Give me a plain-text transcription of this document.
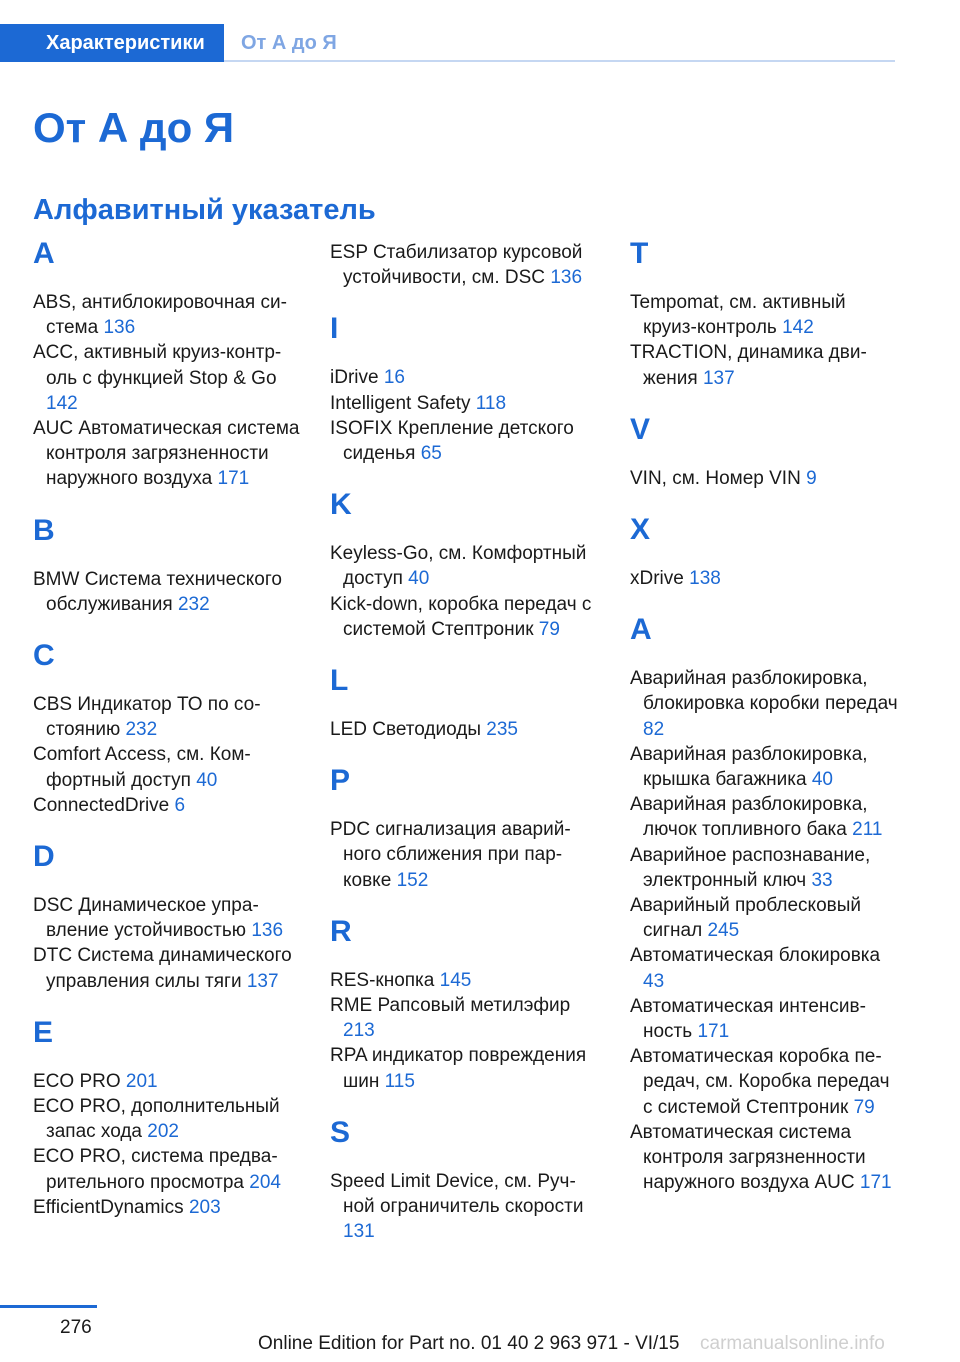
Характеристики	От А до Я
От А до Я
Алфавитный указатель
A
ABS, антиблокировочная система 136
ACC, активный круиз-контроль с функцией Stop & Go 142
AUC Автоматическая система контроля загрязненности наружного воздуха 171
B
BMW Система технического обслуживания 232
C
CBS Индикатор ТО по состоянию 232
Comfort Access, см. Комфортный доступ 40
ConnectedDrive 6
D
DSC Динамическое управление устойчивостью 136
DTC Система динамического управления силы тяги 137
E
ECO PRO 201
ECO PRO, дополнительный запас хода 202
ECO PRO, система предварительного просмотра 204
EfficientDynamics 203
ESP Стабилизатор курсовой устойчивости, см. DSC 136
I
iDrive 16
Intelligent Safety 118
ISOFIX Крепление детского сиденья 65
K
Keyless-Go, см. Комфортный доступ 40
Kick-down, коробка передач с системой Стептроник 79
L
LED Светодиоды 235
P
PDC сигнализация аварийного сближения при парковке 152
R
RES-кнопка 145
RME Рапсовый метилэфир 213
RPA индикатор повреждения шин 115
S
Speed Limit Device, см. Ручной ограничитель скорости 131
T
Tempomat, см. активный круиз-контроль 142
TRACTION, динамика движения 137
V
VIN, см. Номер VIN 9
X
xDrive 138
А
Аварийная разблокировка, блокировка коробки передач 82
Аварийная разблокировка, крышка багажника 40
Аварийная разблокировка, лючок топливного бака 211
Аварийное распознавание, электронный ключ 33
Аварийный проблесковый сигнал 245
Автоматическая блокировка 43
Автоматическая интенсивность 171
Автоматическая коробка передач, см. Коробка передач с системой Стептроник 79
Автоматическая система контроля загрязненности наружного воздуха AUC 171
276
Online Edition for Part no. 01 40 2 963 971 - VI/15 carmanualsonline.info
